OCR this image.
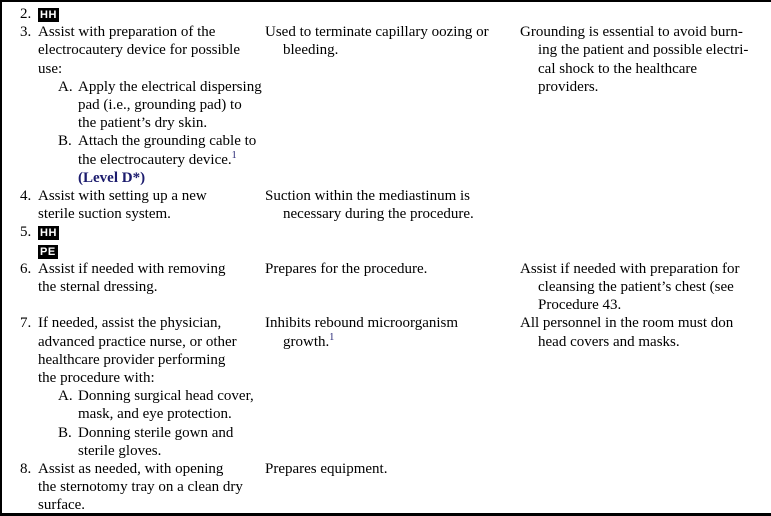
2. HH
3. Assist with preparation of the
electrocautery device for possible
use:
A. Apply the electrical dispersing
pad (i.e., grounding pad) to
the patient’s dry skin.
B. Attach the grounding cable to
the electrocautery device.$^1$
(Level D*)
Used to terminate capillary oozing or
bleeding.
Grounding is essential to avoid burn-
ing the patient and possible electri-
cal shock to the healthcare
providers.
4. Assist with setting up a new
sterile suction system.
Suction within the mediastinum is
necessary during the procedure.
5. HH
PE
6. Assist if needed with removing
the sternal dressing.
Prepares for the procedure.	Assist if needed with preparation for
cleansing the patient’s chest (see
Procedure 43.
7. If needed, assist the physician,
advanced practice nurse, or other
healthcare provider performing
the procedure with:
A. Donning surgical head cover,
mask, and eye protection.
B. Donning sterile gown and
sterile gloves.
Inhibits rebound microorganism
growth.$^1$
All personnel in the room must don
head covers and masks.
8. Assist as needed, with opening
the sternotomy tray on a clean dry
surface.
Prepares equipment.
